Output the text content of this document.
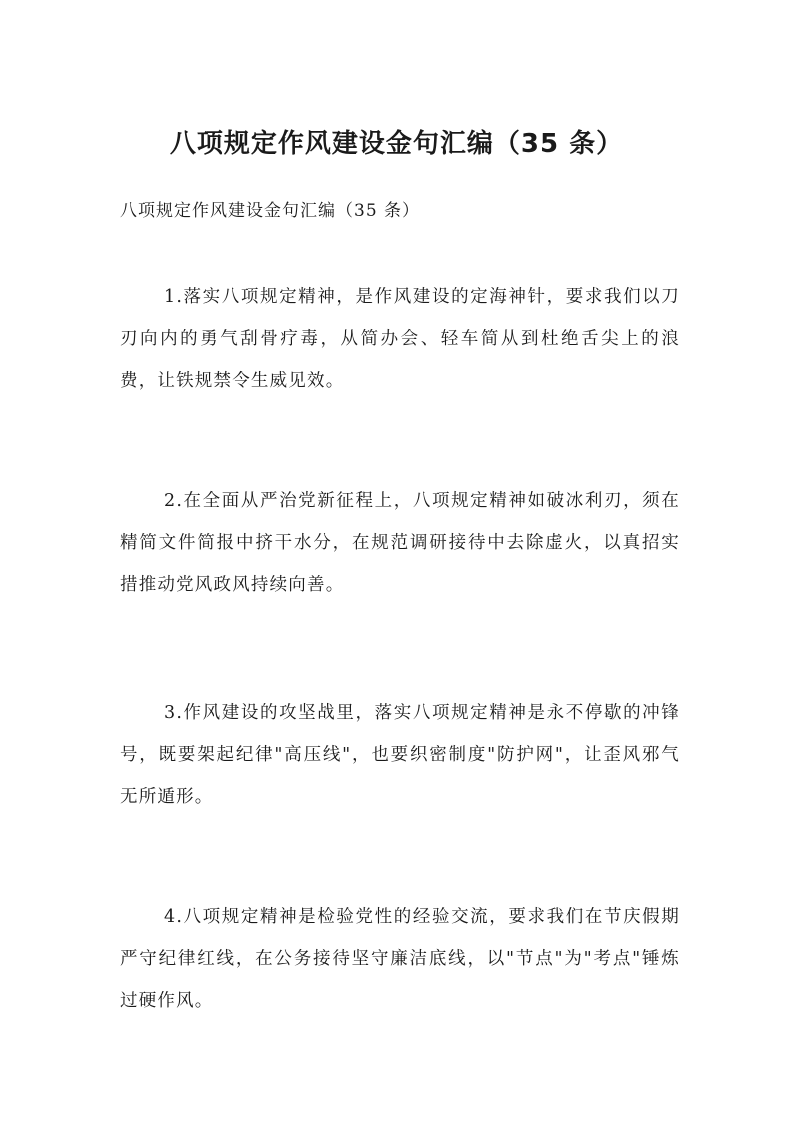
八项规定作风建设金句汇编（35 条）

八项规定作风建设金句汇编（35 条）

1.落实八项规定精神，是作风建设的定海神针，要求我们以刀刃向内的勇气刮骨疗毒，从简办会、轻车简从到杜绝舌尖上的浪费，让铁规禁令生威见效。

2.在全面从严治党新征程上，八项规定精神如破冰利刃，须在精简文件简报中挤干水分，在规范调研接待中去除虚火，以真招实措推动党风政风持续向善。

3.作风建设的攻坚战里，落实八项规定精神是永不停歇的冲锋号，既要架起纪律"高压线"，也要织密制度"防护网"，让歪风邪气无所遁形。

4.八项规定精神是检验党性的经验交流，要求我们在节庆假期严守纪律红线，在公务接待坚守廉洁底线，以"节点"为"考点"锤炼过硬作风。
